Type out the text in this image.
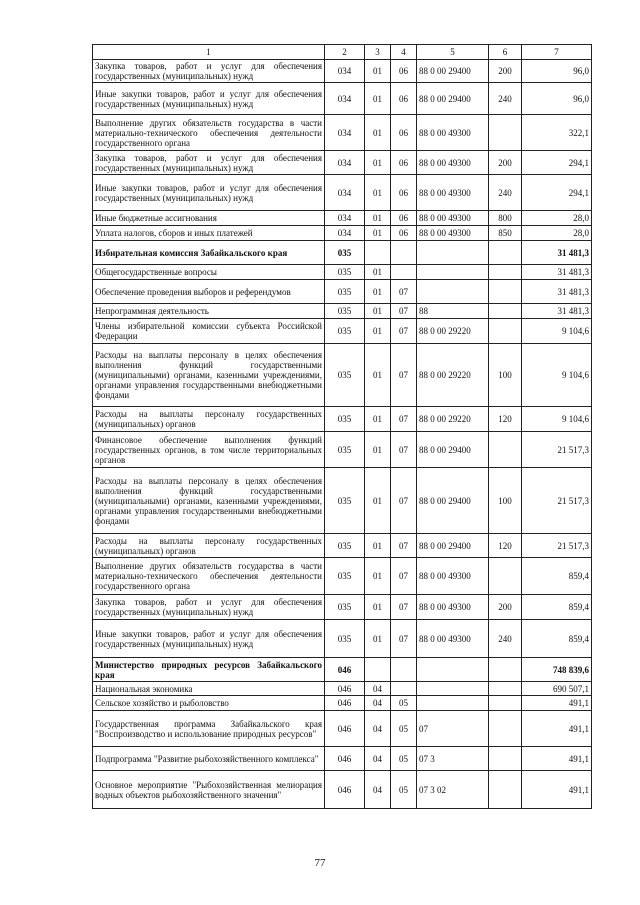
1	2	3	4	5	6	7
Закупка товаров, работ и услуг для обеспечения государственных (муниципальных) нужд	034	01	06	88 0 00 29400	200	96,0
Иные закупки товаров, работ и услуг для обеспечения государственных (муниципальных) нужд	034	01	06	88 0 00 29400	240	96,0
Выполнение других обязательств государства в части материально-технического обеспечения деятельности государственного органа	034	01	06	88 0 00 49300		322,1
Закупка товаров, работ и услуг для обеспечения государственных (муниципальных) нужд	034	01	06	88 0 00 49300	200	294,1
Иные закупки товаров, работ и услуг для обеспечения государственных (муниципальных) нужд	034	01	06	88 0 00 49300	240	294,1
Иные бюджетные ассигнования	034	01	06	88 0 00 49300	800	28,0
Уплата налогов, сборов и иных платежей	034	01	06	88 0 00 49300	850	28,0
Избирательная комиссия Забайкальского края	035					31 481,3
Общегосударственные вопросы	035	01				31 481,3
Обеспечение проведения выборов и референдумов	035	01	07			31 481,3
Непрограммная деятельность	035	01	07	88		31 481,3
Члены избирательной комиссии субъекта Российской Федерации	035	01	07	88 0 00 29220		9 104,6
Расходы на выплаты персоналу в целях обеспечения выполнения функций государственными (муниципальными) органами, казенными учреждениями, органами управления государственными внебюджетными фондами	035	01	07	88 0 00 29220	100	9 104,6
Расходы на выплаты персоналу государственных (муниципальных) органов	035	01	07	88 0 00 29220	120	9 104,6
Финансовое обеспечение выполнения функций государственных органов, в том числе территориальных органов	035	01	07	88 0 00 29400		21 517,3
Расходы на выплаты персоналу в целях обеспечения выполнения функций государственными (муниципальными) органами, казенными учреждениями, органами управления государственными внебюджетными фондами	035	01	07	88 0 00 29400	100	21 517,3
Расходы на выплаты персоналу государственных (муниципальных) органов	035	01	07	88 0 00 29400	120	21 517,3
Выполнение других обязательств государства в части материально-технического обеспечения деятельности государственного органа	035	01	07	88 0 00 49300		859,4
Закупка товаров, работ и услуг для обеспечения государственных (муниципальных) нужд	035	01	07	88 0 00 49300	200	859,4
Иные закупки товаров, работ и услуг для обеспечения государственных (муниципальных) нужд	035	01	07	88 0 00 49300	240	859,4
Министерство природных ресурсов Забайкальского края	046					748 839,6
Национальная экономика	046	04				690 507,1
Сельское хозяйство и рыболовство	046	04	05			491,1
Государственная программа Забайкальского края "Воспроизводство и использование природных ресурсов"	046	04	05	07		491,1
Подпрограмма "Развитие рыбохозяйственного комплекса"	046	04	05	07 3		491,1
Основное мероприятие "Рыбохозяйственная мелиорация водных объектов рыбохозяйственного значения"	046	04	05	07 3 02		491,1
77
